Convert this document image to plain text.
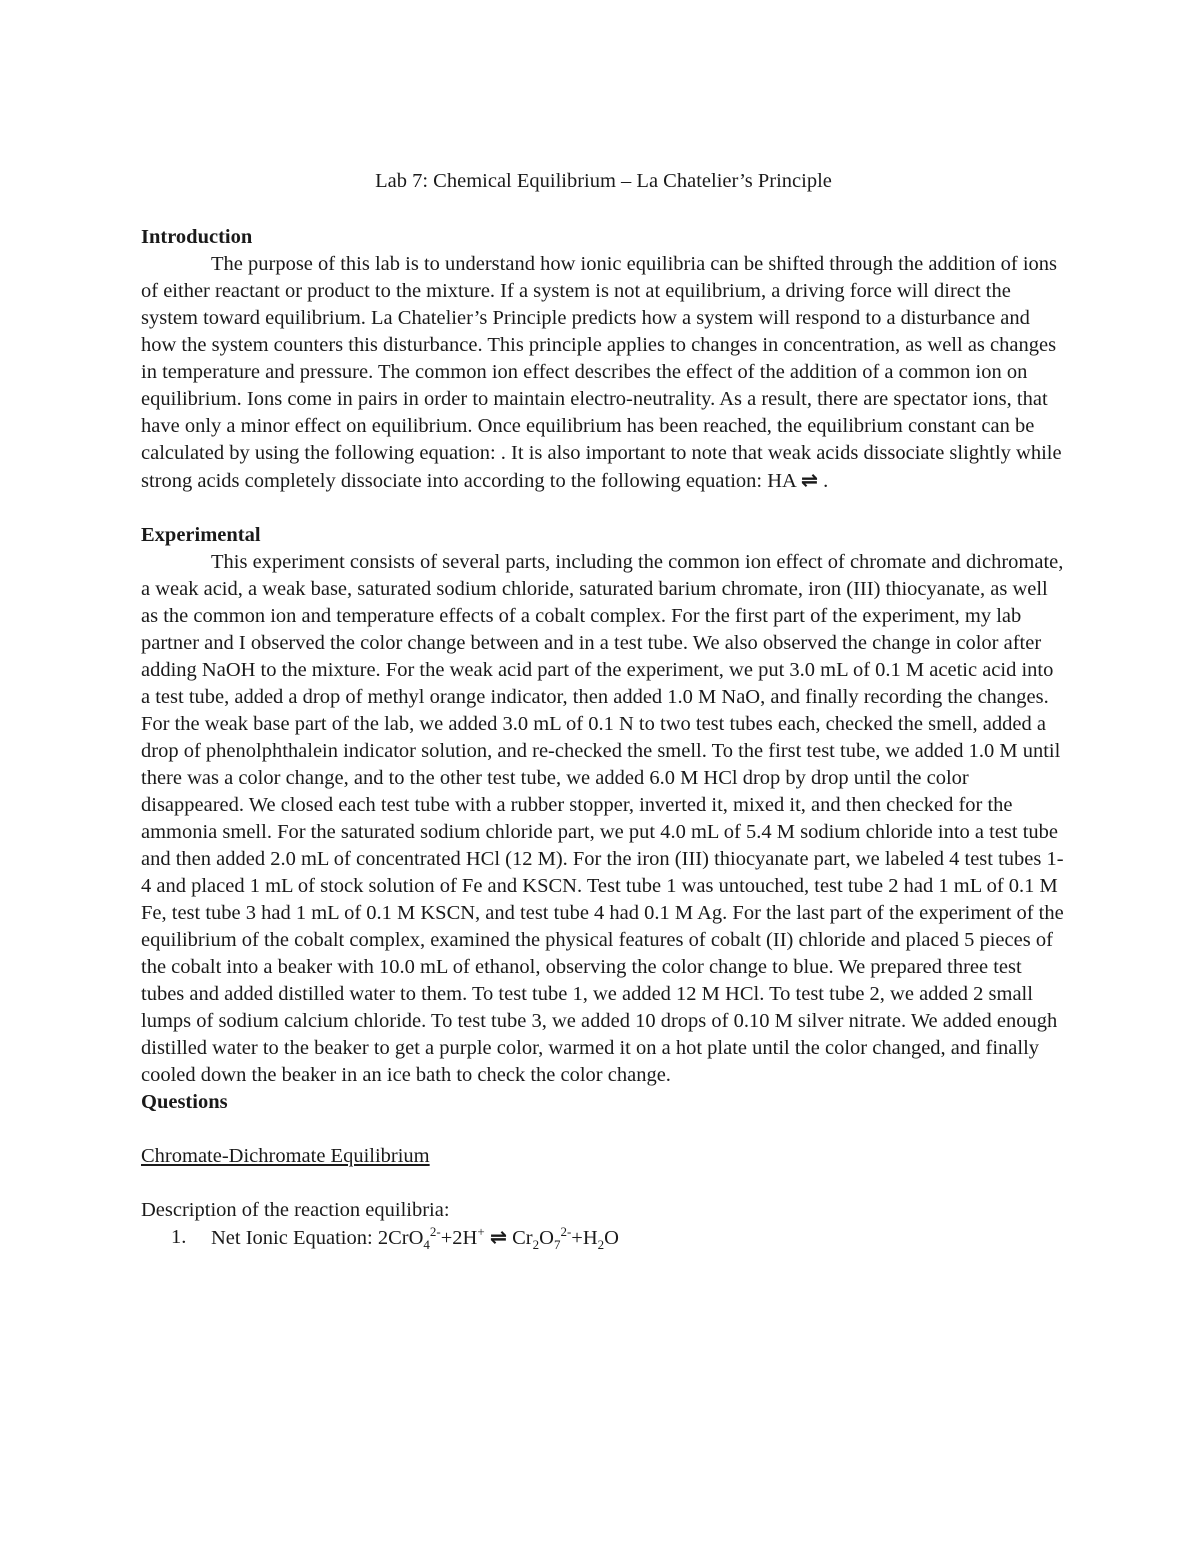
Lab 7: Chemical Equilibrium – La Chatelier’s Principle
Introduction

The purpose of this lab is to understand how ionic equilibria can be shifted through the addition of ions of either reactant or product to the mixture. If a system is not at equilibrium, a driving force will direct the system toward equilibrium. La Chatelier’s Principle predicts how a system will respond to a disturbance and how the system counters this disturbance. This principle applies to changes in concentration, as well as changes in temperature and pressure. The common ion effect describes the effect of the addition of a common ion on equilibrium. Ions come in pairs in order to maintain electro-neutrality. As a result, there are spectator ions, that have only a minor effect on equilibrium. Once equilibrium has been reached, the equilibrium constant can be calculated by using the following equation: . It is also important to note that weak acids dissociate slightly while strong acids completely dissociate into according to the following equation: HA ⇌ .

Experimental

This experiment consists of several parts, including the common ion effect of chromate and dichromate, a weak acid, a weak base, saturated sodium chloride, saturated barium chromate, iron (III) thiocyanate, as well as the common ion and temperature effects of a cobalt complex. For the first part of the experiment, my lab partner and I observed the color change between and in a test tube. We also observed the change in color after adding NaOH to the mixture. For the weak acid part of the experiment, we put 3.0 mL of 0.1 M acetic acid into a test tube, added a drop of methyl orange indicator, then added 1.0 M NaO, and finally recording the changes. For the weak base part of the lab, we added 3.0 mL of 0.1 N to two test tubes each, checked the smell, added a drop of phenolphthalein indicator solution, and re-checked the smell. To the first test tube, we added 1.0 M until there was a color change, and to the other test tube, we added 6.0 M HCl drop by drop until the color disappeared. We closed each test tube with a rubber stopper, inverted it, mixed it, and then checked for the ammonia smell. For the saturated sodium chloride part, we put 4.0 mL of 5.4 M sodium chloride into a test tube and then added 2.0 mL of concentrated HCl (12 M). For the iron (III) thiocyanate part, we labeled 4 test tubes 1-4 and placed 1 mL of stock solution of Fe and KSCN. Test tube 1 was untouched, test tube 2 had 1 mL of 0.1 M Fe, test tube 3 had 1 mL of 0.1 M KSCN, and test tube 4 had 0.1 M Ag. For the last part of the experiment of the equilibrium of the cobalt complex, examined the physical features of cobalt (II) chloride and placed 5 pieces of the cobalt into a beaker with 10.0 mL of ethanol, observing the color change to blue. We prepared three test tubes and added distilled water to them. To test tube 1, we added 12 M HCl. To test tube 2, we added 2 small lumps of sodium calcium chloride. To test tube 3, we added 10 drops of 0.10 M silver nitrate. We added enough distilled water to the beaker to get a purple color, warmed it on a hot plate until the color changed, and finally cooled down the beaker in an ice bath to check the color change.

Questions
Chromate-Dichromate Equilibrium

Description of the reaction equilibria:

1. Net Ionic Equation: 2CrO$_4^{2-}$+2H+ ⇌ $Cr_2O_7^{2-}+H_2O$
